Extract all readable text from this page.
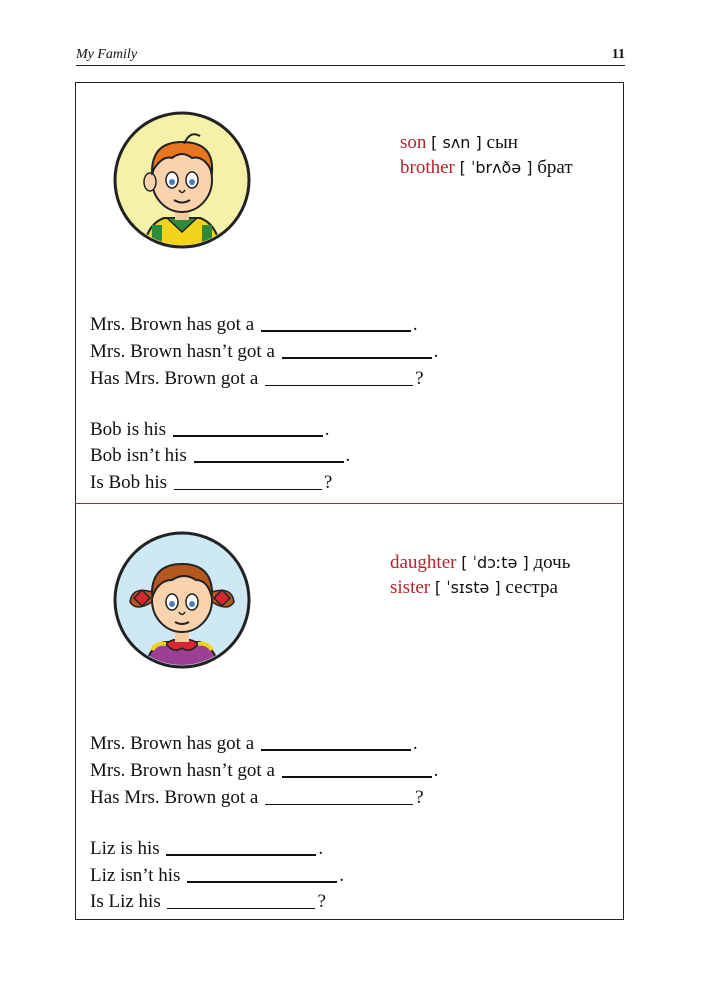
My Family	11
son [ sʌn ] сын
brother [ ˈbrʌðə ] брат
Mrs. Brown has got a	.
Mrs. Brown hasn’t got a	.
Has Mrs. Brown got a	?
Bob is his	.
Bob isn’t his	.
Is Bob his	?
daughter [ ˈdɔːtə ] дочь
sister [ ˈsɪstə ] сестра
Mrs. Brown has got a	.
Mrs. Brown hasn’t got a	.
Has Mrs. Brown got a	?
Liz is his	.
Liz isn’t his	.
Is Liz his	?
